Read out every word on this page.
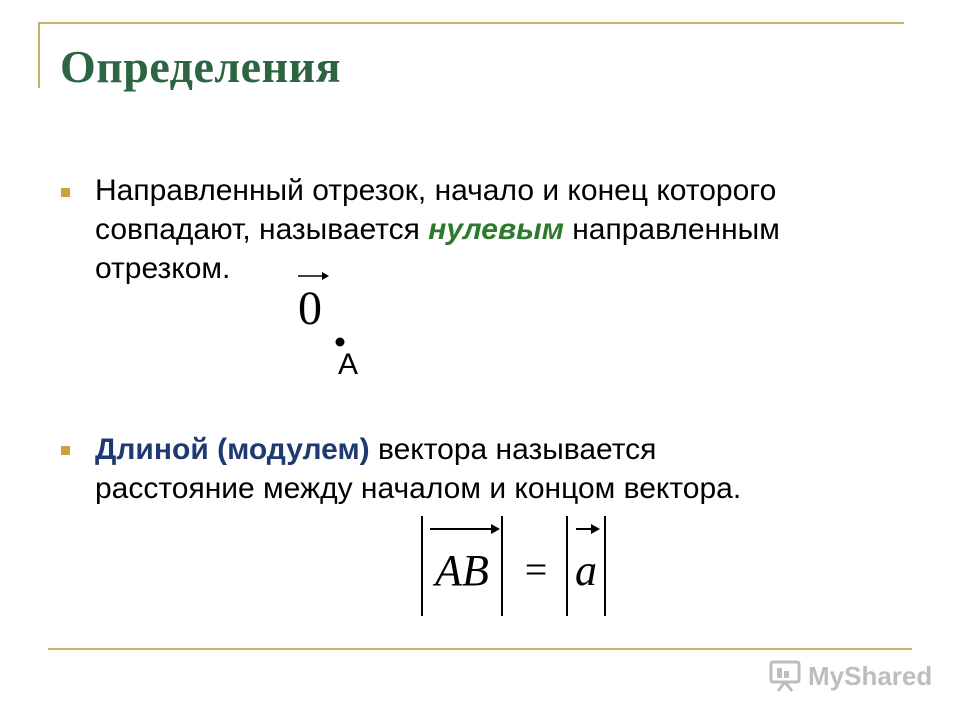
Определения
Направленный отрезок, начало и конец которого
совпадают, называется нулевым направленным
отрезком.
0
A
Длиной (модулем) вектора называется
расстояние между началом и концом вектора.
AB = a
MyShared
